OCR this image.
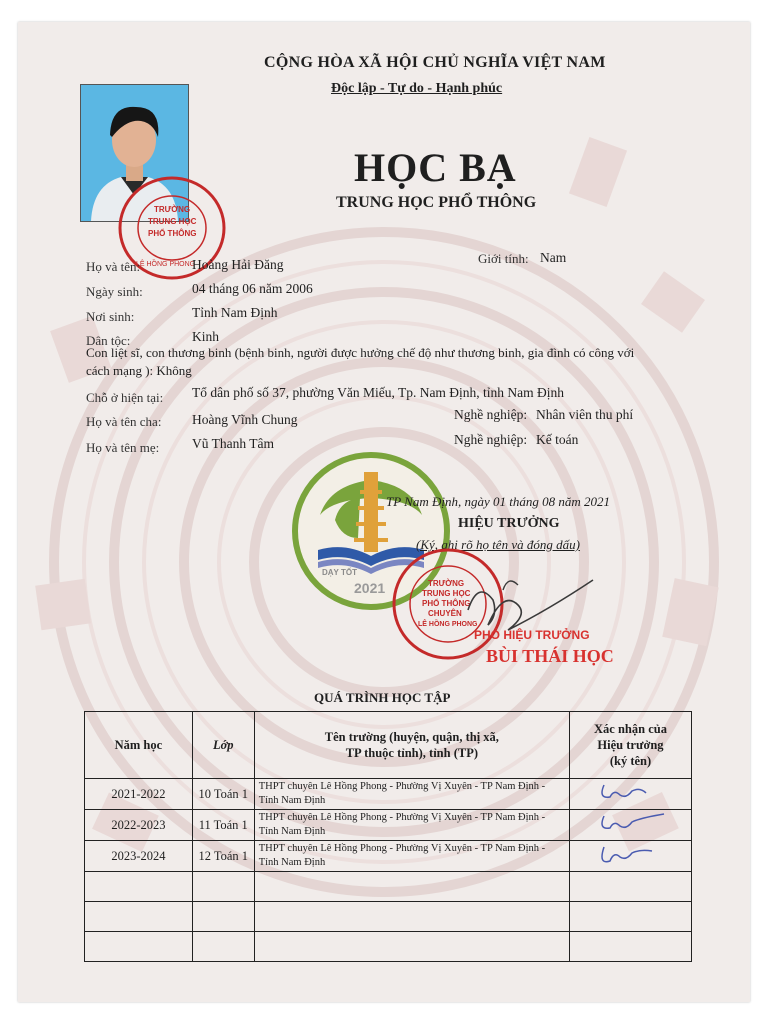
TRƯỜNG
TRUNG HỌC
PHỔ THÔNG
LÊ HỒNG PHONG
CỘNG HÒA XÃ HỘI CHỦ NGHĨA VIỆT NAM
Độc lập - Tự do - Hạnh phúc
HỌC BẠ
TRUNG HỌC PHỔ THÔNG
Họ và tên:	Hoàng Hải Đăng	Giới tính: Nam
Ngày sinh:	04 tháng 06 năm 2006
Nơi sinh:	Tỉnh Nam Định
Dân tộc:	Kinh
Con liệt sĩ, con thương binh (bệnh binh, người được hưởng chế độ như thương binh, gia đình có công với
cách mạng ): Không
Chỗ ở hiện tại: Tổ dân phố số 37, phường Văn Miếu, Tp. Nam Định, tỉnh Nam Định
Họ và tên cha: Hoàng Vĩnh Chung	Nghề nghiệp: Nhân viên thu phí
Họ và tên mẹ: Vũ Thanh Tâm	Nghề nghiệp: Kế toán
DẠY TỐT
2021
TP Nam Định, ngày 01 tháng 08 năm 2021
HIỆU TRƯỞNG
(Ký, ghi rõ họ tên và đóng dấu)
TRƯỜNG
TRUNG HỌC
PHỔ THÔNG
CHUYÊN
LÊ HỒNG PHONG
PHÓ HIỆU TRƯỞNG
BÙI THÁI HỌC
QUÁ TRÌNH HỌC TẬP
Năm học	Lớp	Tên trường (huyện, quận, thị xã,
TP thuộc tỉnh), tỉnh (TP)	Xác nhận của
Hiệu trưởng
(ký tên)
2021-2022	10 Toán 1	THPT chuyên Lê Hồng Phong - Phường Vị Xuyên - TP Nam Định - Tỉnh Nam Định	
2022-2023	11 Toán 1	THPT chuyên Lê Hồng Phong - Phường Vị Xuyên - TP Nam Định - Tỉnh Nam Định	
2023-2024	12 Toán 1	THPT chuyên Lê Hồng Phong - Phường Vị Xuyên - TP Nam Định - Tỉnh Nam Định	
